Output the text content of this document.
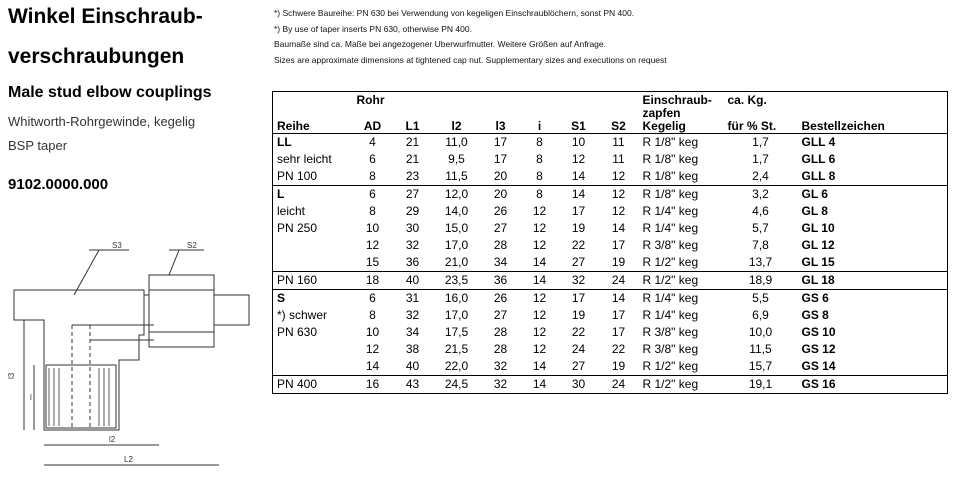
Winkel Einschraub-
verschraubungen
Male stud elbow couplings
Whitworth-Rohrgewinde, kegelig
BSP taper
9102.0000.000
S3	S2
l3
l
l2
L2
*) Schwere Baureihe: PN 630 bei Verwendung von kegeligen Einschraublöchern, sonst PN 400.
*) By use of taper inserts PN 630, otherwise PN 400.
Baumaße sind ca. Maße bei angezogener Uberwurfmutter. Weitere Größen auf Anfrage.
Sizes are approximate dimensions at tightened cap nut. Supplementary sizes and executions on request
	Rohr							Einschraub-	ca. Kg.	
								zapfen		
Reihe	AD	L1	l2	l3	i	S1	S2	Kegelig	für % St.	Bestellzeichen
LL	4	21	11,0	17	8	10	11	R 1/8" keg	1,7	GLL 4
sehr leicht	6	21	9,5	17	8	12	11	R 1/8" keg	1,7	GLL 6
PN 100	8	23	11,5	20	8	14	12	R 1/8" keg	2,4	GLL 8
L	6	27	12,0	20	8	14	12	R 1/8" keg	3,2	GL 6
leicht	8	29	14,0	26	12	17	12	R 1/4" keg	4,6	GL 8
PN 250	10	30	15,0	27	12	19	14	R 1/4" keg	5,7	GL 10
	12	32	17,0	28	12	22	17	R 3/8" keg	7,8	GL 12
	15	36	21,0	34	14	27	19	R 1/2" keg	13,7	GL 15
PN 160	18	40	23,5	36	14	32	24	R 1/2" keg	18,9	GL 18
S	6	31	16,0	26	12	17	14	R 1/4" keg	5,5	GS 6
*) schwer	8	32	17,0	27	12	19	17	R 1/4" keg	6,9	GS 8
PN 630	10	34	17,5	28	12	22	17	R 3/8" keg	10,0	GS 10
	12	38	21,5	28	12	24	22	R 3/8" keg	11,5	GS 12
	14	40	22,0	32	14	27	19	R 1/2" keg	15,7	GS 14
PN 400	16	43	24,5	32	14	30	24	R 1/2" keg	19,1	GS 16
